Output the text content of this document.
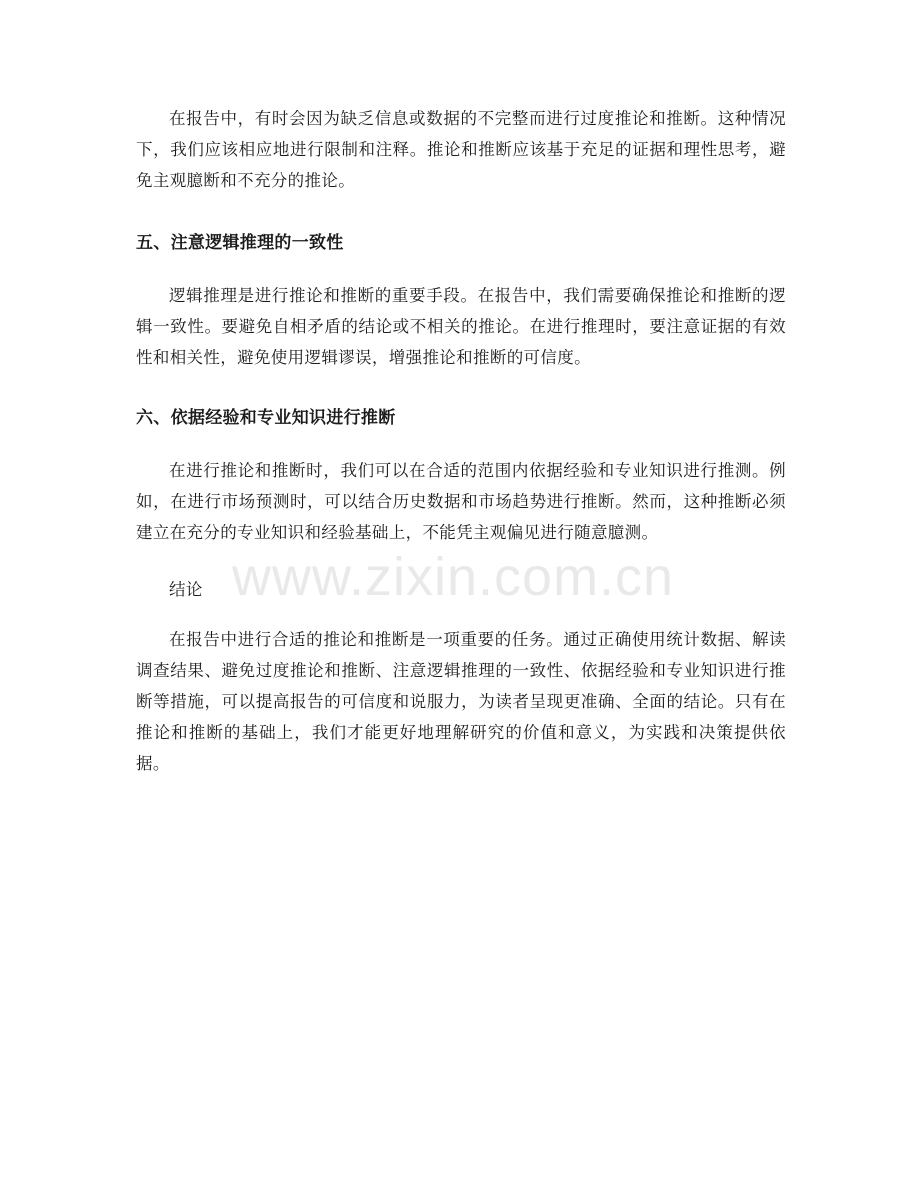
在报告中，有时会因为缺乏信息或数据的不完整而进行过度推论和推断。这种情况下，我们应该相应地进行限制和注释。推论和推断应该基于充足的证据和理性思考，避免主观臆断和不充分的推论。

五、注意逻辑推理的一致性

逻辑推理是进行推论和推断的重要手段。在报告中，我们需要确保推论和推断的逻辑一致性。要避免自相矛盾的结论或不相关的推论。在进行推理时，要注意证据的有效性和相关性，避免使用逻辑谬误，增强推论和推断的可信度。

六、依据经验和专业知识进行推断

在进行推论和推断时，我们可以在合适的范围内依据经验和专业知识进行推测。例如，在进行市场预测时，可以结合历史数据和市场趋势进行推断。然而，这种推断必须建立在充分的专业知识和经验基础上，不能凭主观偏见进行随意臆测。

结论

在报告中进行合适的推论和推断是一项重要的任务。通过正确使用统计数据、解读调查结果、避免过度推论和推断、注意逻辑推理的一致性、依据经验和专业知识进行推断等措施，可以提高报告的可信度和说服力，为读者呈现更准确、全面的结论。只有在推论和推断的基础上，我们才能更好地理解研究的价值和意义，为实践和决策提供依据。

www.zixin.com.cn
